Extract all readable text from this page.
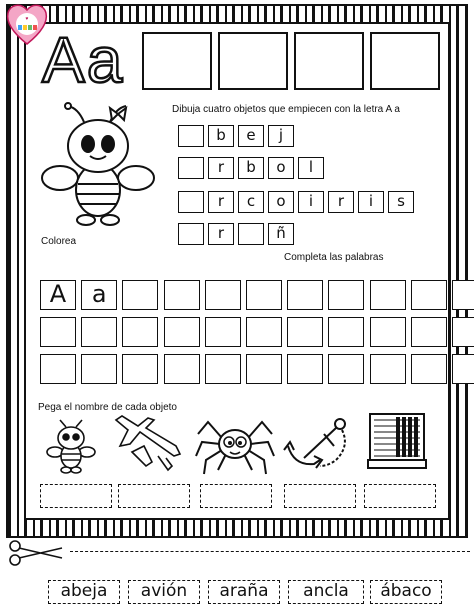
♥
Aa
Dibuja cuatro objetos que empiecen con la letra A a
Colorea
b	e	j
r	b	o	l
r	c	o	i	r	i	s
r	ñ
Completa las palabras
A	a
Pega el nombre de cada objeto
abeja	avión	araña	ancla	ábaco
